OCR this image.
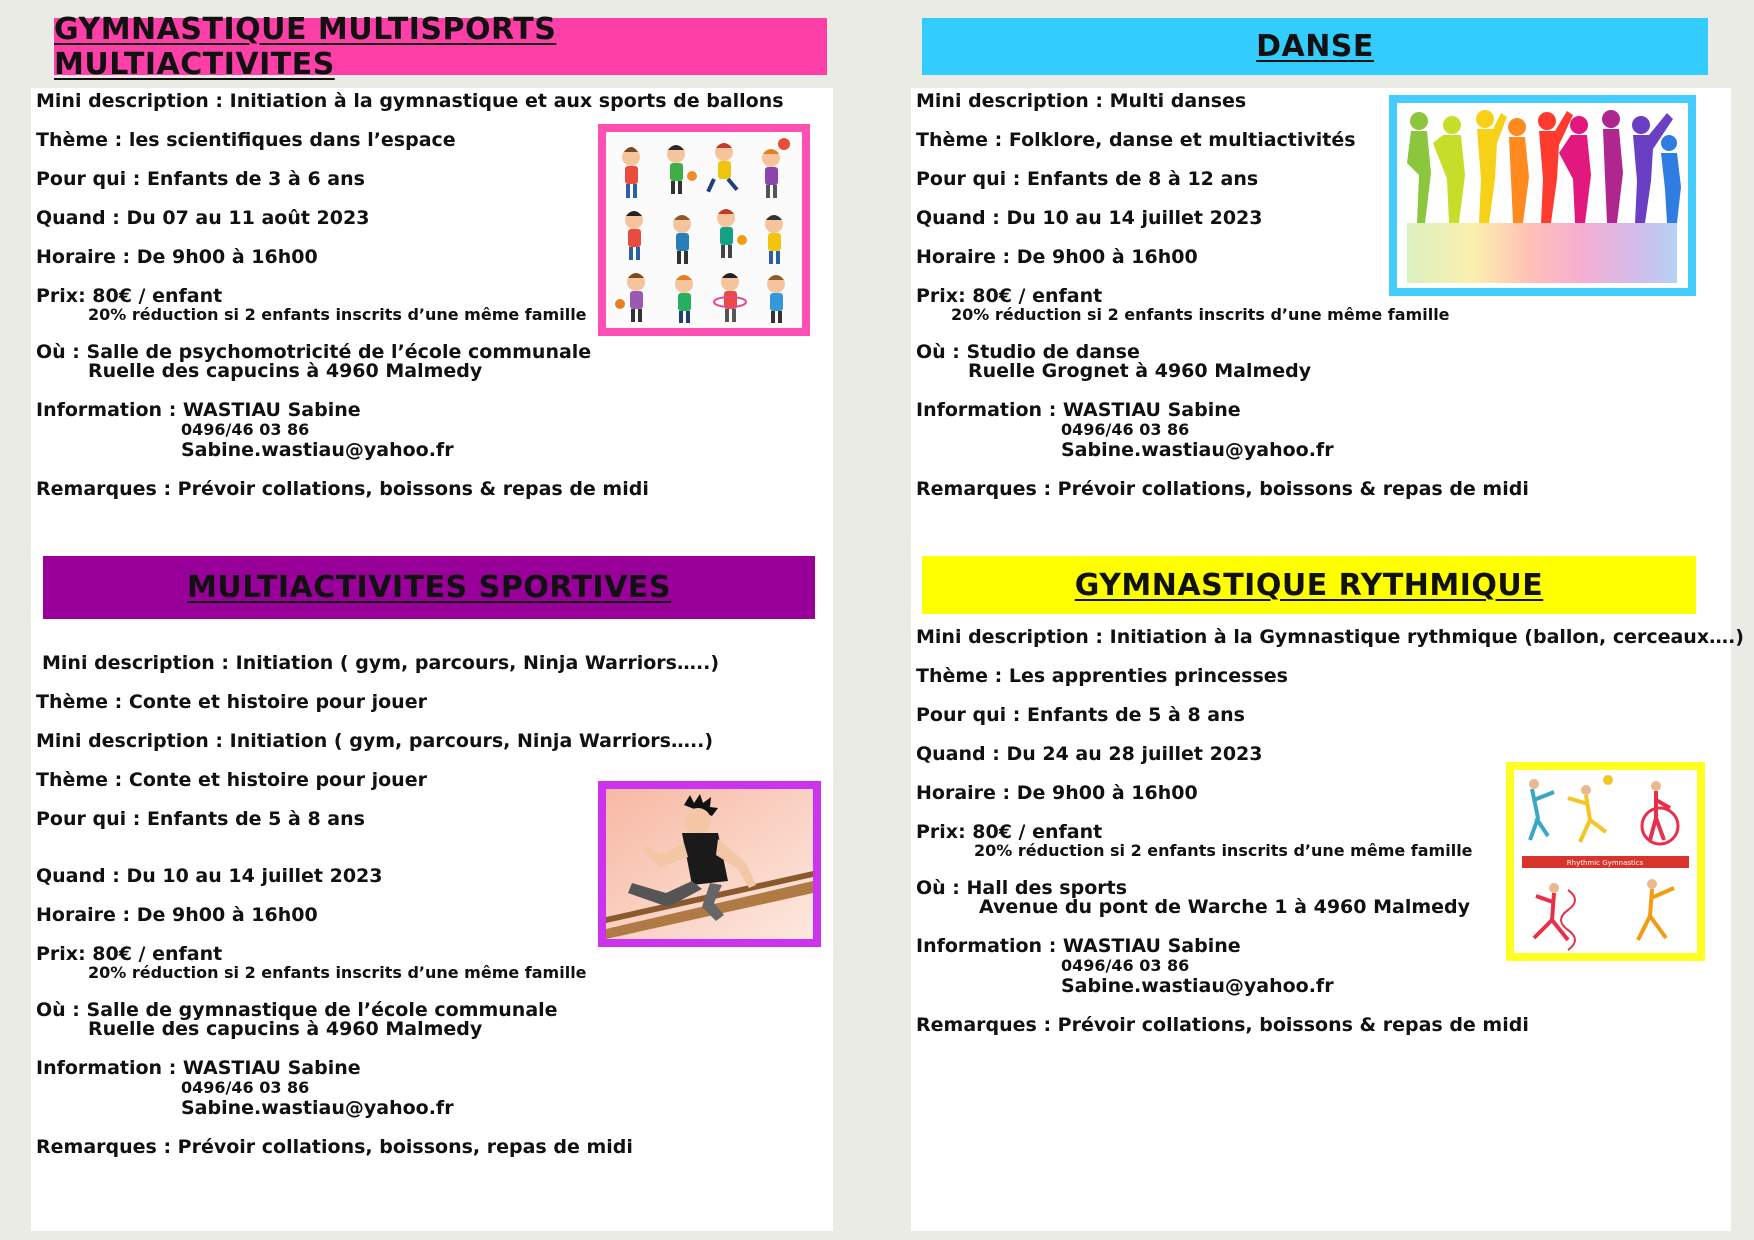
GYMNASTIQUE MULTISPORTS MULTIACTIVITES
Mini description : Initiation à la gymnastique et aux sports de ballons
Thème : les scientifiques dans l’espace
Pour qui : Enfants de 3 à 6 ans
Quand : Du 07 au 11 août 2023
Horaire : De 9h00 à 16h00
Prix: 80€ / enfant
20% réduction si 2 enfants inscrits d’une même famille
Où : Salle de psychomotricité de l’école communale
Ruelle des capucins à 4960 Malmedy
Information : WASTIAU Sabine
0496/46 03 86
Sabine.wastiau@yahoo.fr
Remarques : Prévoir collations, boissons & repas de midi
DANSE
Mini description : Multi danses
Thème : Folklore, danse et multiactivités
Pour qui : Enfants de 8 à 12 ans
Quand : Du 10 au 14 juillet 2023
Horaire : De 9h00 à 16h00
Prix: 80€ / enfant
20% réduction si 2 enfants inscrits d’une même famille
Où : Studio de danse
Ruelle Grognet à 4960 Malmedy
Information : WASTIAU Sabine
0496/46 03 86
Sabine.wastiau@yahoo.fr
Remarques : Prévoir collations, boissons & repas de midi
MULTIACTIVITES SPORTIVES
Mini description : Initiation ( gym, parcours, Ninja Warriors…..)
Thème : Conte et histoire pour jouer
Mini description : Initiation ( gym, parcours, Ninja Warriors…..)
Thème : Conte et histoire pour jouer
Pour qui : Enfants de 5 à 8 ans
Quand : Du 10 au 14 juillet 2023
Horaire : De 9h00 à 16h00
Prix: 80€ / enfant
20% réduction si 2 enfants inscrits d’une même famille
Où : Salle de gymnastique de l’école communale
Ruelle des capucins à 4960 Malmedy
Information : WASTIAU Sabine
0496/46 03 86
Sabine.wastiau@yahoo.fr
Remarques : Prévoir collations, boissons, repas de midi
GYMNASTIQUE RYTHMIQUE
Mini description : Initiation à la Gymnastique rythmique (ballon, cerceaux….)
Thème : Les apprenties princesses
Pour qui : Enfants de 5 à 8 ans
Quand : Du 24 au 28 juillet 2023
Horaire : De 9h00 à 16h00
Prix: 80€ / enfant
20% réduction si 2 enfants inscrits d’une même famille
Où : Hall des sports
Avenue du pont de Warche 1 à 4960 Malmedy
Information : WASTIAU Sabine
0496/46 03 86
Sabine.wastiau@yahoo.fr
Remarques : Prévoir collations, boissons & repas de midi
Rhythmic Gymnastics
